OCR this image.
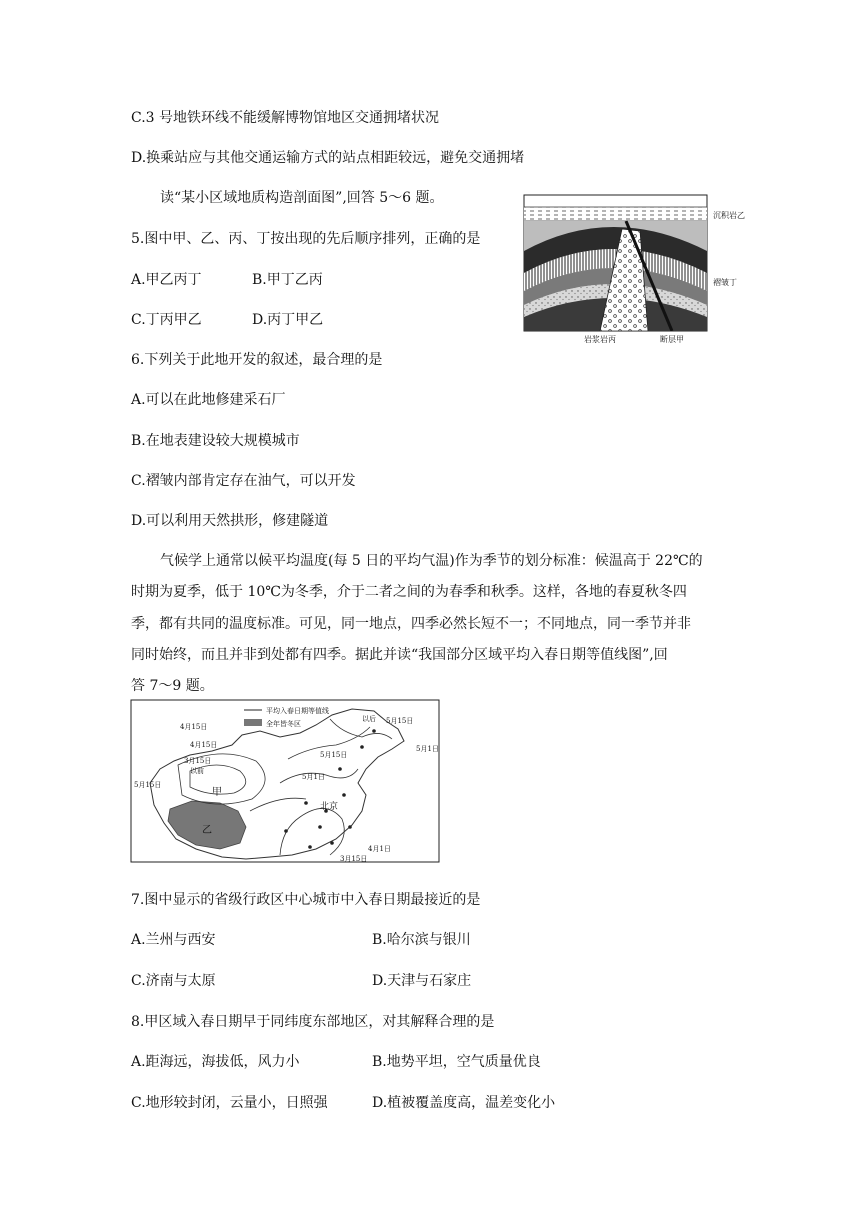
C.3 号地铁环线不能缓解博物馆地区交通拥堵状况
D.换乘站应与其他交通运输方式的站点相距较远，避免交通拥堵
读“某小区域地质构造剖面图”,回答 5～6 题。
5.图中甲、乙、丙、丁按出现的先后顺序排列，正确的是
A.甲乙丙丁	B.甲丁乙丙
C.丁丙甲乙	D.丙丁甲乙
沉积岩乙
褶皱丁
岩浆岩丙	断层甲
6.下列关于此地开发的叙述，最合理的是
A.可以在此地修建采石厂
B.在地表建设较大规模城市
C.褶皱内部肯定存在油气，可以开发
D.可以利用天然拱形，修建隧道
气候学上通常以候平均温度(每 5 日的平均气温)作为季节的划分标准：候温高于 22℃的
时期为夏季，低于 10℃为冬季，介于二者之间的为春季和秋季。这样，各地的春夏秋冬四
季，都有共同的温度标准。可见，同一地点，四季必然长短不一；不同地点，同一季节并非
同时始终，而且并非到处都有四季。据此并读“我国部分区域平均入春日期等值线图”,回
答 7～9 题。
平均入春日期等值线
全年皆冬区
以后 5月15日
5月1日
4月15日
4月15日
5月15日
3月15日
以前
5月15日
5月1日
甲
北京
乙
4月1日
3月15日
7.图中显示的省级行政区中心城市中入春日期最接近的是
A.兰州与西安	B.哈尔滨与银川
C.济南与太原	D.天津与石家庄
8.甲区域入春日期早于同纬度东部地区，对其解释合理的是
A.距海远，海拔低，风力小	B.地势平坦，空气质量优良
C.地形较封闭，云量小，日照强	D.植被覆盖度高，温差变化小
